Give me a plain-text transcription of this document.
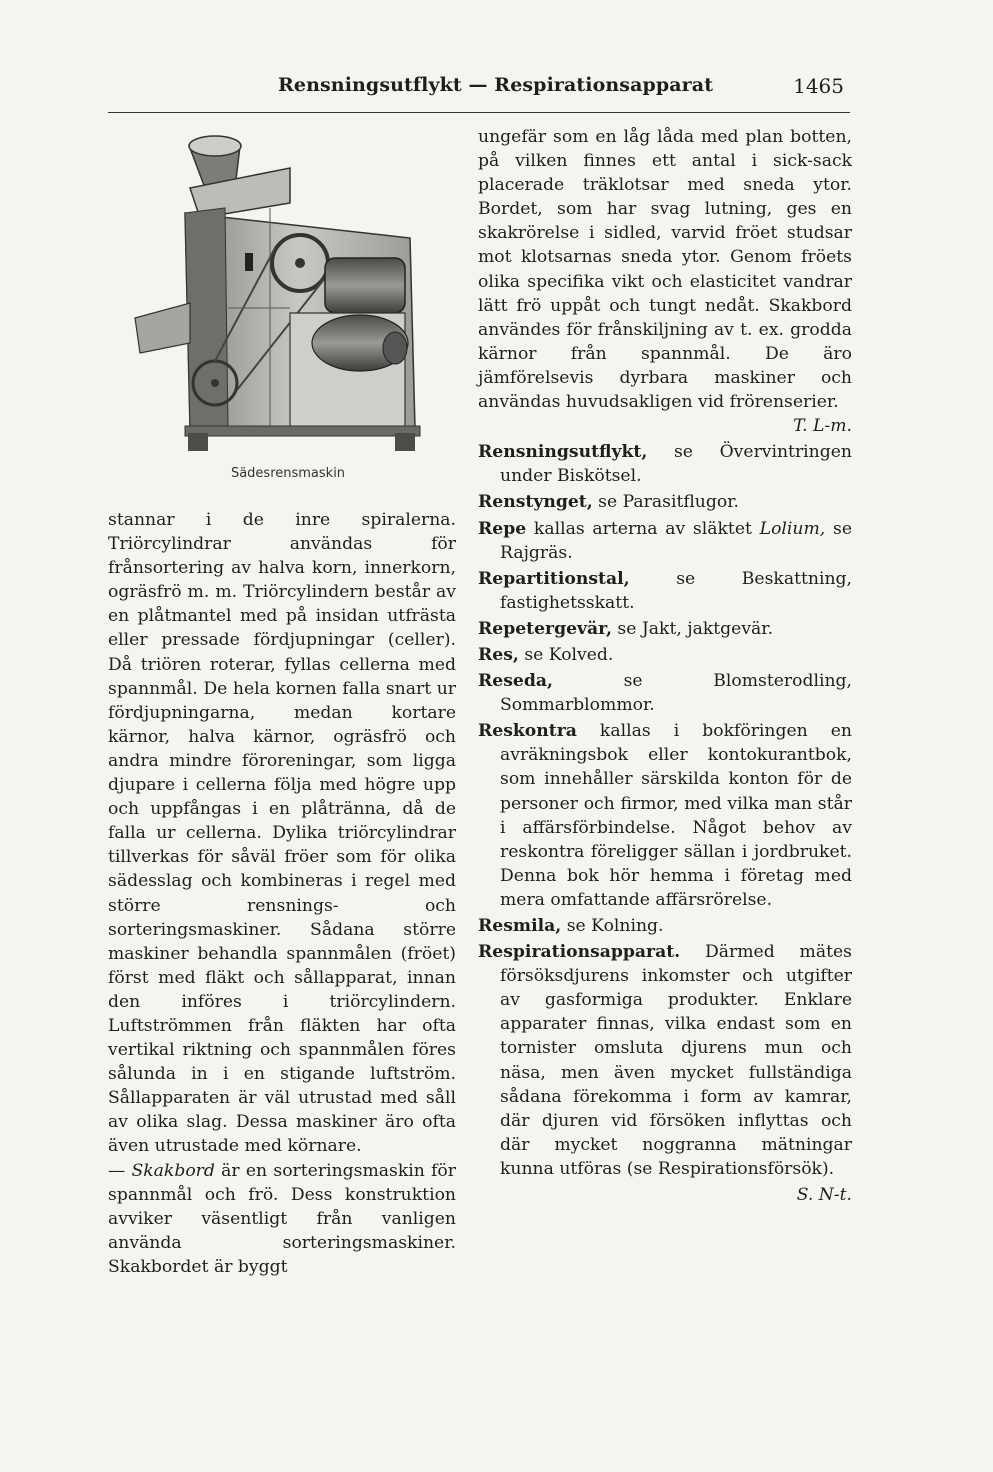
Rensningsutflykt — Respirationsapparat	1465
Sädesrensmaskin

stannar i de inre spiralerna. Triörcylindrar användas för frånsortering av halva korn, innerkorn, ogräsfrö m. m. Triörcylindern består av en plåtmantel med på insidan utfrästa eller pressade fördjupningar (celler). Då triören roterar, fyllas cellerna med spannmål. De hela kornen falla snart ur fördjupningarna, medan kortare kärnor, halva kärnor, ogräsfrö och andra mindre föroreningar, som ligga djupare i cellerna följa med högre upp och uppfångas i en plåtränna, då de falla ur cellerna. Dylika triörcylindrar tillverkas för såväl fröer som för olika sädesslag och kombineras i regel med större rensnings- och sorteringsmaskiner. Sådana större maskiner behandla spannmålen (fröet) först med fläkt och sållapparat, innan den införes i triörcylindern. Luftströmmen från fläkten har ofta vertikal riktning och spannmålen föres sålunda in i en stigande luftström. Sållapparaten är väl utrustad med såll av olika slag. Dessa maskiner äro ofta även utrustade med körnare.

— Skakbord är en sorteringsmaskin för spannmål och frö. Dess konstruktion avviker väsentligt från vanligen använda sorteringsmaskiner. Skakbordet är byggt

ungefär som en låg låda med plan botten, på vilken finnes ett antal i sick-sack placerade träklotsar med sneda ytor. Bordet, som har svag lutning, ges en skakrörelse i sidled, varvid fröet studsar mot klotsarnas sneda ytor. Genom fröets olika specifika vikt och elasticitet vandrar lätt frö uppåt och tungt nedåt. Skakbord användes för frånskiljning av t. ex. grodda kärnor från spannmål. De äro jämförelsevis dyrbara maskiner och användas huvudsakligen vid frörenserier.

T. L-m.

Rensningsutflykt, se Övervintringen under Biskötsel.

Renstynget, se Parasitflugor.

Repe kallas arterna av släktet Lolium, se Rajgräs.

Repartitionstal, se Beskattning, fastighetsskatt.

Repetergevär, se Jakt, jaktgevär.

Res, se Kolved.

Reseda, se Blomsterodling, Sommarblommor.

Reskontra kallas i bokföringen en avräkningsbok eller kontokurantbok, som innehåller särskilda konton för de personer och firmor, med vilka man står i affärsförbindelse. Något behov av reskontra föreligger sällan i jordbruket. Denna bok hör hemma i företag med mera omfattande affärsrörelse.

Resmila, se Kolning.

Respirationsapparat. Därmed mätes försöksdjurens inkomster och utgifter av gasformiga produkter. Enklare apparater finnas, vilka endast som en tornister omsluta djurens mun och näsa, men även mycket fullständiga sådana förekomma i form av kamrar, där djuren vid försöken inflyttas och där mycket noggranna mätningar kunna utföras (se Respirationsförsök).

S. N-t.
